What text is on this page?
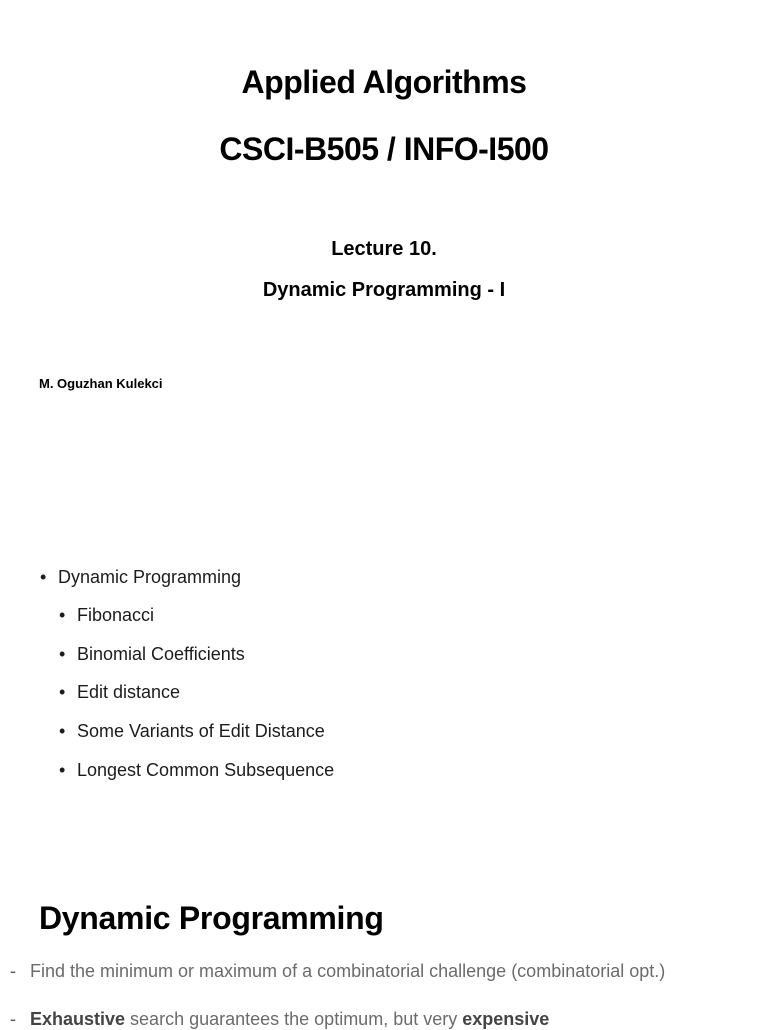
Applied Algorithms
CSCI-B505 / INFO-I500
Lecture 10.
Dynamic Programming - I
M. Oguzhan Kulekci
• Dynamic Programming
• Fibonacci
• Binomial Coefficients
• Edit distance
• Some Variants of Edit Distance
• Longest Common Subsequence
Dynamic Programming
- Find the minimum or maximum of a combinatorial challenge (combinatorial opt.)
- Exhaustive search guarantees the optimum, but very expensive
